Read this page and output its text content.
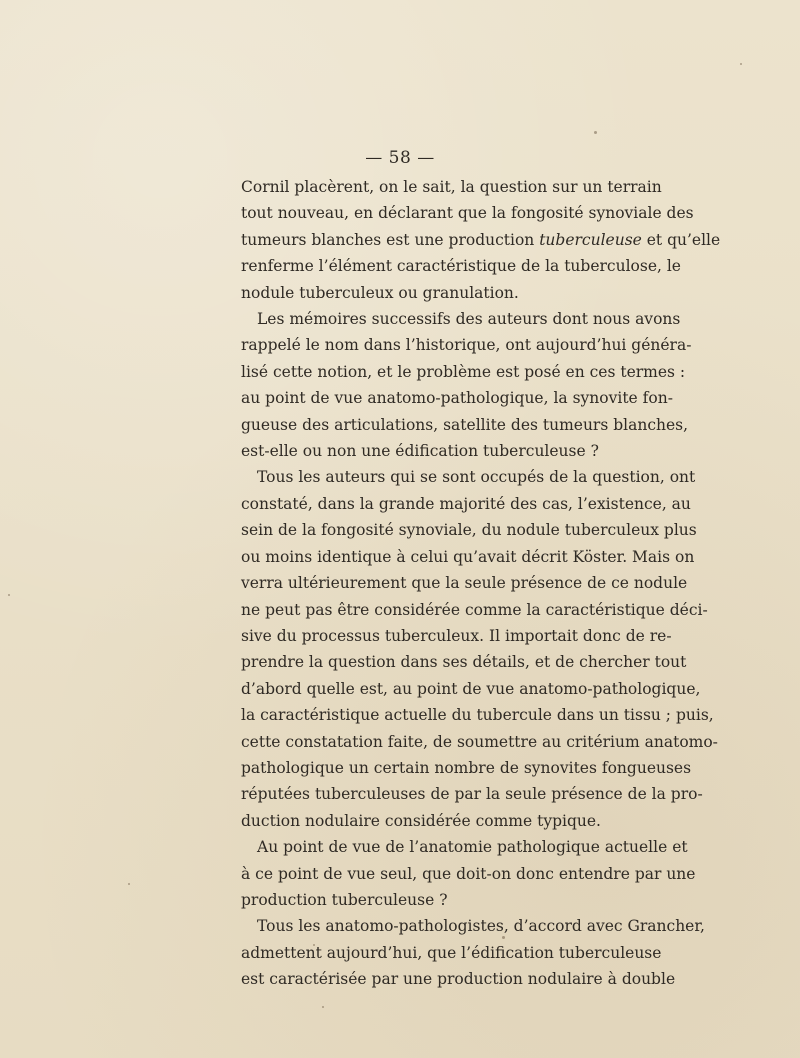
— 58 —
Cornil placèrent, on le sait, la question sur un terrain
tout nouveau, en déclarant que la fongosité synoviale des
tumeurs blanches est une production tuberculeuse et qu’elle
renferme l’élément caractéristique de la tuberculose, le
nodule tuberculeux ou granulation.
Les mémoires successifs des auteurs dont nous avons
rappelé le nom dans l’historique, ont aujourd’hui généra-
lisé cette notion, et le problème est posé en ces termes :
au point de vue anatomo-pathologique, la synovite fon-
gueuse des articulations, satellite des tumeurs blanches,
est-elle ou non une édification tuberculeuse ?
Tous les auteurs qui se sont occupés de la question, ont
constaté, dans la grande majorité des cas, l’existence, au
sein de la fongosité synoviale, du nodule tuberculeux plus
ou moins identique à celui qu’avait décrit Köster. Mais on
verra ultérieurement que la seule présence de ce nodule
ne peut pas être considérée comme la caractéristique déci-
sive du processus tuberculeux. Il importait donc de re-
prendre la question dans ses détails, et de chercher tout
d’abord quelle est, au point de vue anatomo-pathologique,
la caractéristique actuelle du tubercule dans un tissu ; puis,
cette constatation faite, de soumettre au critérium anatomo-
pathologique un certain nombre de synovites fongueuses
réputées tuberculeuses de par la seule présence de la pro-
duction nodulaire considérée comme typique.
Au point de vue de l’anatomie pathologique actuelle et
à ce point de vue seul, que doit-on donc entendre par une
production tuberculeuse ?
Tous les anatomo-pathologistes, d’accord avec Grancher,
admettent aujourd’hui, que l’édification tuberculeuse
est caractérisée par une production nodulaire à double
